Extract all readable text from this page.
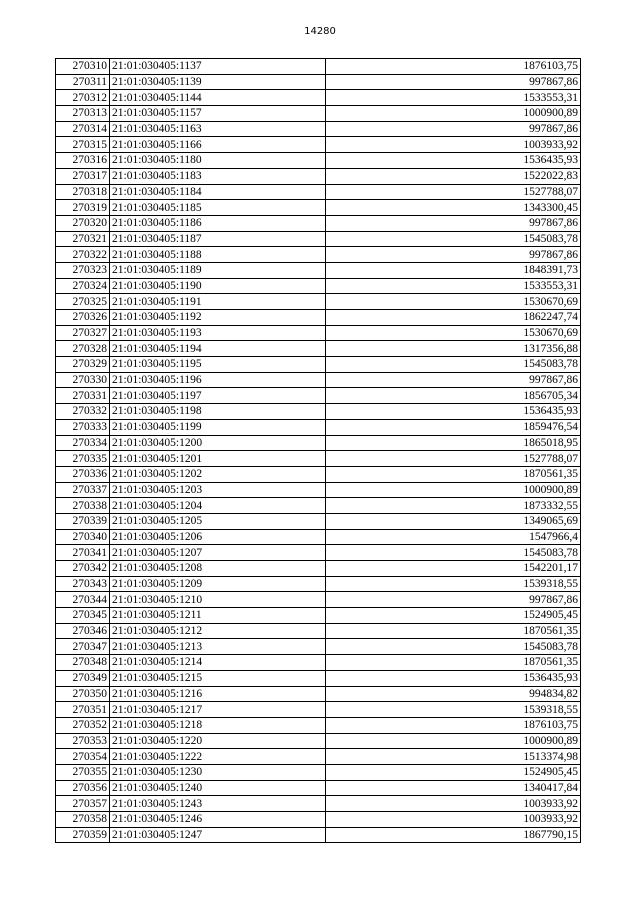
14280
270310	21:01:030405:1137	1876103,75
270311	21:01:030405:1139	997867,86
270312	21:01:030405:1144	1533553,31
270313	21:01:030405:1157	1000900,89
270314	21:01:030405:1163	997867,86
270315	21:01:030405:1166	1003933,92
270316	21:01:030405:1180	1536435,93
270317	21:01:030405:1183	1522022,83
270318	21:01:030405:1184	1527788,07
270319	21:01:030405:1185	1343300,45
270320	21:01:030405:1186	997867,86
270321	21:01:030405:1187	1545083,78
270322	21:01:030405:1188	997867,86
270323	21:01:030405:1189	1848391,73
270324	21:01:030405:1190	1533553,31
270325	21:01:030405:1191	1530670,69
270326	21:01:030405:1192	1862247,74
270327	21:01:030405:1193	1530670,69
270328	21:01:030405:1194	1317356,88
270329	21:01:030405:1195	1545083,78
270330	21:01:030405:1196	997867,86
270331	21:01:030405:1197	1856705,34
270332	21:01:030405:1198	1536435,93
270333	21:01:030405:1199	1859476,54
270334	21:01:030405:1200	1865018,95
270335	21:01:030405:1201	1527788,07
270336	21:01:030405:1202	1870561,35
270337	21:01:030405:1203	1000900,89
270338	21:01:030405:1204	1873332,55
270339	21:01:030405:1205	1349065,69
270340	21:01:030405:1206	1547966,4
270341	21:01:030405:1207	1545083,78
270342	21:01:030405:1208	1542201,17
270343	21:01:030405:1209	1539318,55
270344	21:01:030405:1210	997867,86
270345	21:01:030405:1211	1524905,45
270346	21:01:030405:1212	1870561,35
270347	21:01:030405:1213	1545083,78
270348	21:01:030405:1214	1870561,35
270349	21:01:030405:1215	1536435,93
270350	21:01:030405:1216	994834,82
270351	21:01:030405:1217	1539318,55
270352	21:01:030405:1218	1876103,75
270353	21:01:030405:1220	1000900,89
270354	21:01:030405:1222	1513374,98
270355	21:01:030405:1230	1524905,45
270356	21:01:030405:1240	1340417,84
270357	21:01:030405:1243	1003933,92
270358	21:01:030405:1246	1003933,92
270359	21:01:030405:1247	1867790,15
